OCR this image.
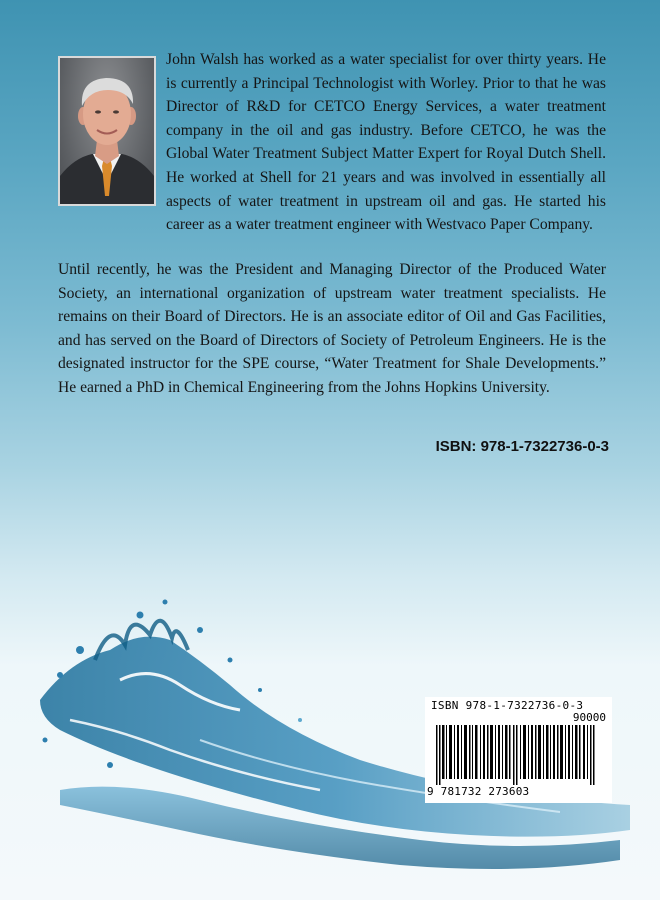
John Walsh has worked as a water specialist for over thirty years. He is currently a Principal Technologist with Worley. Prior to that he was Director of R&D for CETCO Energy Services, a water treatment company in the oil and gas industry. Before CETCO, he was the Global Water Treatment Subject Matter Expert for Royal Dutch Shell. He worked at Shell for 21 years and was involved in essentially all aspects of water treatment in upstream oil and gas. He started his career as a water treatment engineer with Westvaco Paper Company.

Until recently, he was the President and Managing Director of the Produced Water Society, an international organization of upstream water treatment specialists. He remains on their Board of Directors. He is an associate editor of Oil and Gas Facilities, and has served on the Board of Directors of Society of Petroleum Engineers. He is the designated instructor for the SPE course, “Water Treatment for Shale Developments.” He earned a PhD in Chemical Engineering from the Johns Hopkins University.

ISBN: 978-1-7322736-0-3
ISBN 978-1-7322736-0-3
90000
9 781732 273603
